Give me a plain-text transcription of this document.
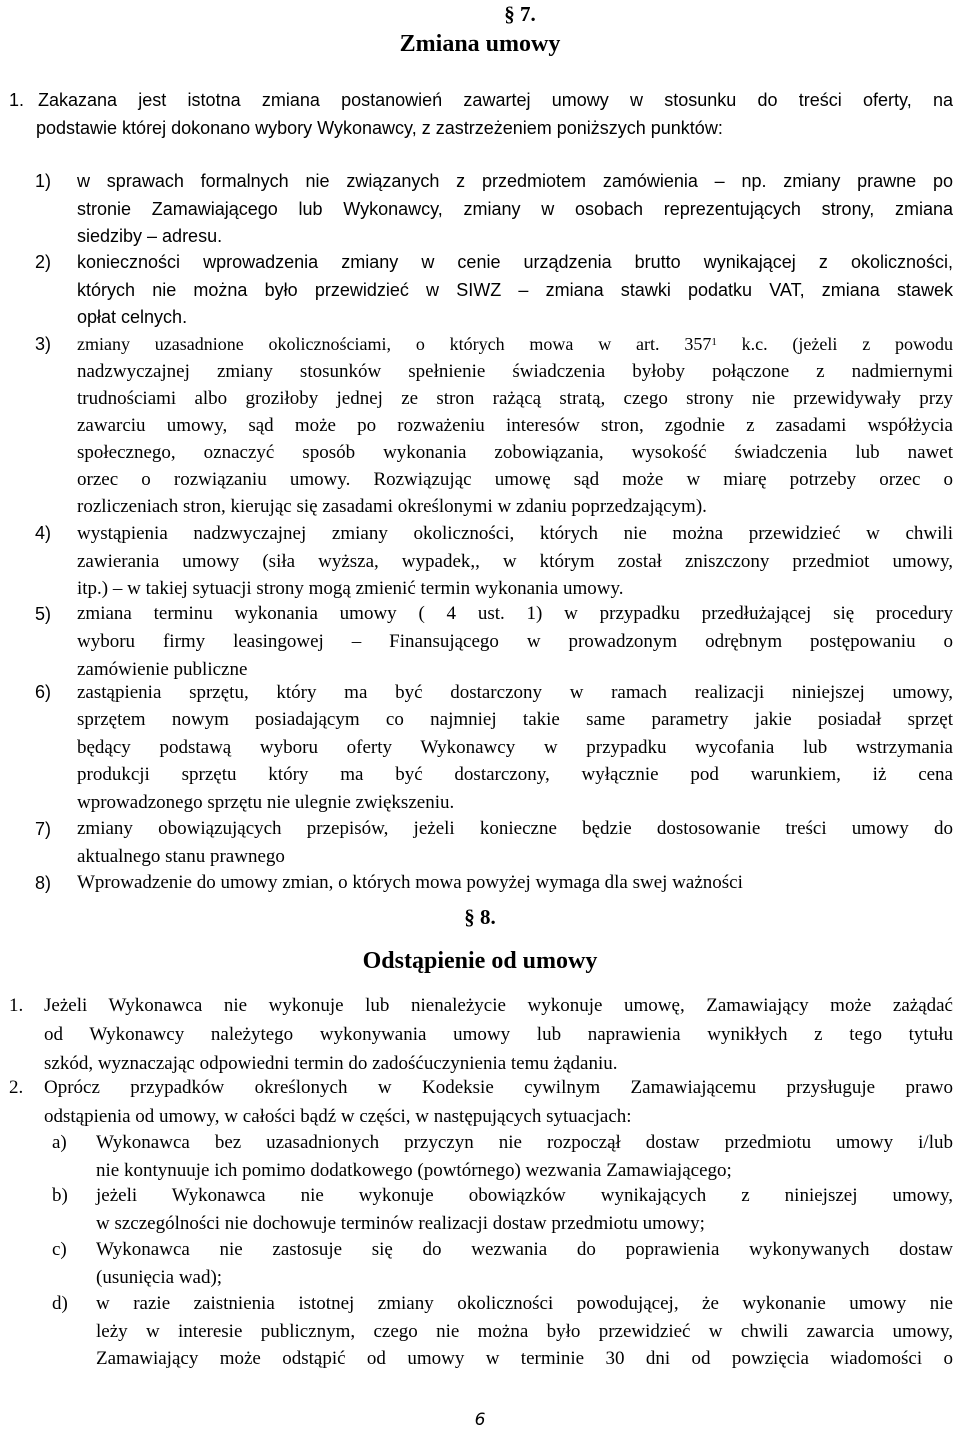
§ 7.
Zmiana umowy
1. Zakazana jest istotna zmiana postanowień zawartej umowy w stosunku do treści oferty, na
podstawie której dokonano wybory Wykonawcy, z zastrzeżeniem poniższych punktów:
1) w sprawach formalnych nie związanych z przedmiotem zamówienia – np. zmiany prawne po
stronie Zamawiającego lub Wykonawcy, zmiany w osobach reprezentujących strony, zmiana
siedziby – adresu.
2) konieczności wprowadzenia zmiany w cenie urządzenia brutto wynikającej z okoliczności,
których nie można było przewidzieć w SIWZ – zmiana stawki podatku VAT, zmiana stawek
opłat celnych.
3) zmiany uzasadnione okolicznościami, o których mowa w art. $357^1$ k.c. (jeżeli z powodu
nadzwyczajnej zmiany stosunków spełnienie świadczenia byłoby połączone z nadmiernymi
trudnościami albo groziłoby jednej ze stron rażącą stratą, czego strony nie przewidywały przy
zawarciu umowy, sąd może po rozważeniu interesów stron, zgodnie z zasadami współżycia
społecznego, oznaczyć sposób wykonania zobowiązania, wysokość świadczenia lub nawet
orzec o rozwiązaniu umowy. Rozwiązując umowę sąd może w miarę potrzeby orzec o
rozliczeniach stron, kierując się zasadami określonymi w zdaniu poprzedzającym).
4) wystąpienia nadzwyczajnej zmiany okoliczności, których nie można przewidzieć w chwili
zawierania umowy (siła wyższa, wypadek,, w którym został zniszczony przedmiot umowy,
itp.) – w takiej sytuacji strony mogą zmienić termin wykonania umowy.
5) zmiana terminu wykonania umowy ( 4 ust. 1) w przypadku przedłużającej się procedury
wyboru firmy leasingowej – Finansującego w prowadzonym odrębnym postępowaniu o
zamówienie publiczne
6) zastąpienia sprzętu, który ma być dostarczony w ramach realizacji niniejszej umowy,
sprzętem nowym posiadającym co najmniej takie same parametry jakie posiadał sprzęt
będący podstawą wyboru oferty Wykonawcy w przypadku wycofania lub wstrzymania
produkcji sprzętu który ma być dostarczony, wyłącznie pod warunkiem, iż cena
wprowadzonego sprzętu nie ulegnie zwiększeniu.
7) zmiany obowiązujących przepisów, jeżeli konieczne będzie dostosowanie treści umowy do
aktualnego stanu prawnego
8) Wprowadzenie do umowy zmian, o których mowa powyżej wymaga dla swej ważności
§ 8.
Odstąpienie od umowy
1. Jeżeli Wykonawca nie wykonuje lub nienależycie wykonuje umowę, Zamawiający może zażądać
od Wykonawcy należytego wykonywania umowy lub naprawienia wynikłych z tego tytułu
szkód, wyznaczając odpowiedni termin do zadośćuczynienia temu żądaniu.
2. Oprócz przypadków określonych w Kodeksie cywilnym Zamawiającemu przysługuje prawo
odstąpienia od umowy, w całości bądź w części, w następujących sytuacjach:
a) Wykonawca bez uzasadnionych przyczyn nie rozpoczął dostaw przedmiotu umowy i/lub
nie kontynuuje ich pomimo dodatkowego (powtórnego) wezwania Zamawiającego;
b) jeżeli Wykonawca nie wykonuje obowiązków wynikających z niniejszej umowy,
w szczególności nie dochowuje terminów realizacji dostaw przedmiotu umowy;
c) Wykonawca nie zastosuje się do wezwania do poprawienia wykonywanych dostaw
(usunięcia wad);
d) w razie zaistnienia istotnej zmiany okoliczności powodującej, że wykonanie umowy nie
leży w interesie publicznym, czego nie można było przewidzieć w chwili zawarcia umowy,
Zamawiający może odstąpić od umowy w terminie 30 dni od powzięcia wiadomości o
6
